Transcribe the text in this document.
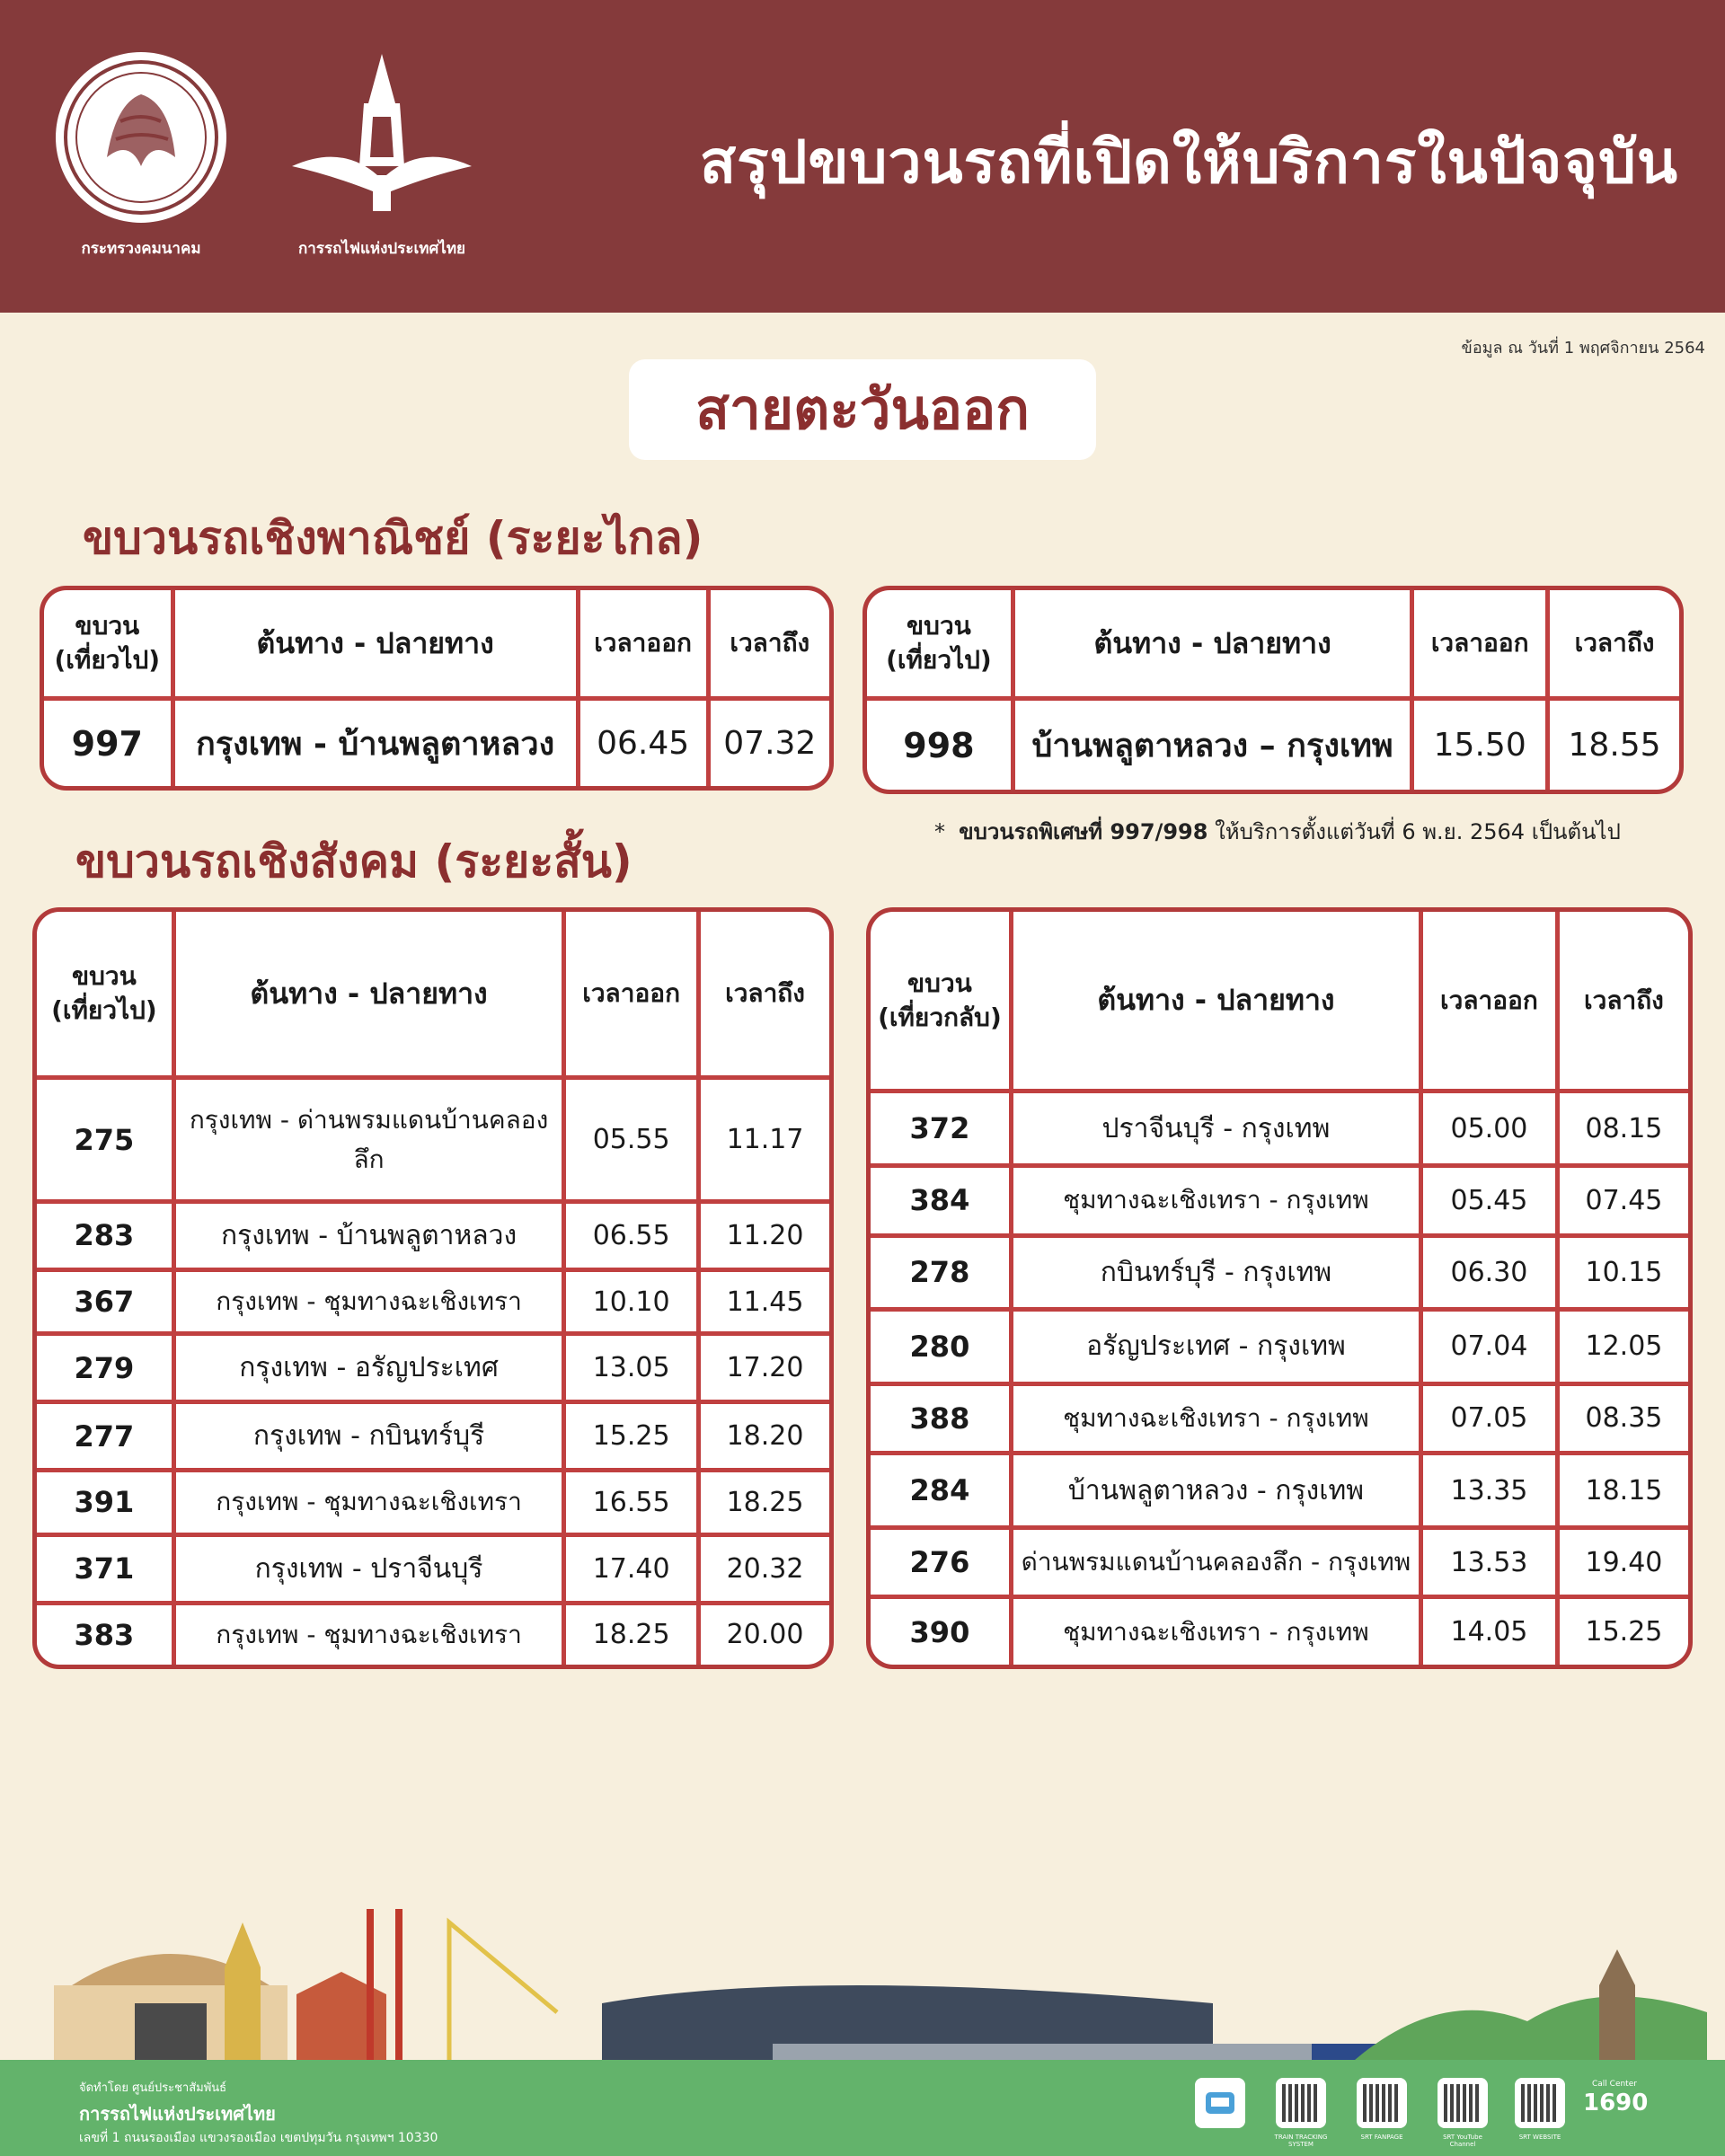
กระทรวงคมนาคม	การรถไฟแห่งประเทศไทย
สรุปขบวนรถที่เปิดให้บริการในปัจจุบัน
ข้อมูล ณ วันที่ 1 พฤศจิกายน 2564
สายตะวันออก
ขบวนรถเชิงพาณิชย์ (ระยะไกล)
ขบวน
(เที่ยวไป)	ต้นทาง - ปลายทาง	เวลาออก	เวลาถึง
997	กรุงเทพ - บ้านพลูตาหลวง	06.45	07.32
ขบวน
(เที่ยวไป)	ต้นทาง - ปลายทาง	เวลาออก	เวลาถึง
998	บ้านพลูตาหลวง – กรุงเทพ	15.50	18.55
* ขบวนรถพิเศษที่ 997/998 ให้บริการตั้งแต่วันที่ 6 พ.ย. 2564 เป็นต้นไป
ขบวนรถเชิงสังคม (ระยะสั้น)
ขบวน
(เที่ยวไป)	ต้นทาง - ปลายทาง	เวลาออก	เวลาถึง
275	กรุงเทพ - ด่านพรมแดนบ้านคลองลึก	05.55	11.17
283	กรุงเทพ - บ้านพลูตาหลวง	06.55	11.20
367	กรุงเทพ - ชุมทางฉะเชิงเทรา	10.10	11.45
279	กรุงเทพ - อรัญประเทศ	13.05	17.20
277	กรุงเทพ - กบินทร์บุรี	15.25	18.20
391	กรุงเทพ - ชุมทางฉะเชิงเทรา	16.55	18.25
371	กรุงเทพ - ปราจีนบุรี	17.40	20.32
383	กรุงเทพ - ชุมทางฉะเชิงเทรา	18.25	20.00
ขบวน
(เที่ยวกลับ)	ต้นทาง - ปลายทาง	เวลาออก	เวลาถึง
372	ปราจีนบุรี - กรุงเทพ	05.00	08.15
384	ชุมทางฉะเชิงเทรา - กรุงเทพ	05.45	07.45
278	กบินทร์บุรี - กรุงเทพ	06.30	10.15
280	อรัญประเทศ - กรุงเทพ	07.04	12.05
388	ชุมทางฉะเชิงเทรา - กรุงเทพ	07.05	08.35
284	บ้านพลูตาหลวง - กรุงเทพ	13.35	18.15
276	ด่านพรมแดนบ้านคลองลึก - กรุงเทพ	13.53	19.40
390	ชุมทางฉะเชิงเทรา - กรุงเทพ	14.05	15.25
จัดทำโดย ศูนย์ประชาสัมพันธ์
การรถไฟแห่งประเทศไทย
เลขที่ 1 ถนนรองเมือง แขวงรองเมือง เขตปทุมวัน กรุงเทพฯ 10330	TRAIN TRACKING SYSTEM
SRT FANPAGE	SRT YouTube Channel
SRT WEBSITE
Call Center
1690
